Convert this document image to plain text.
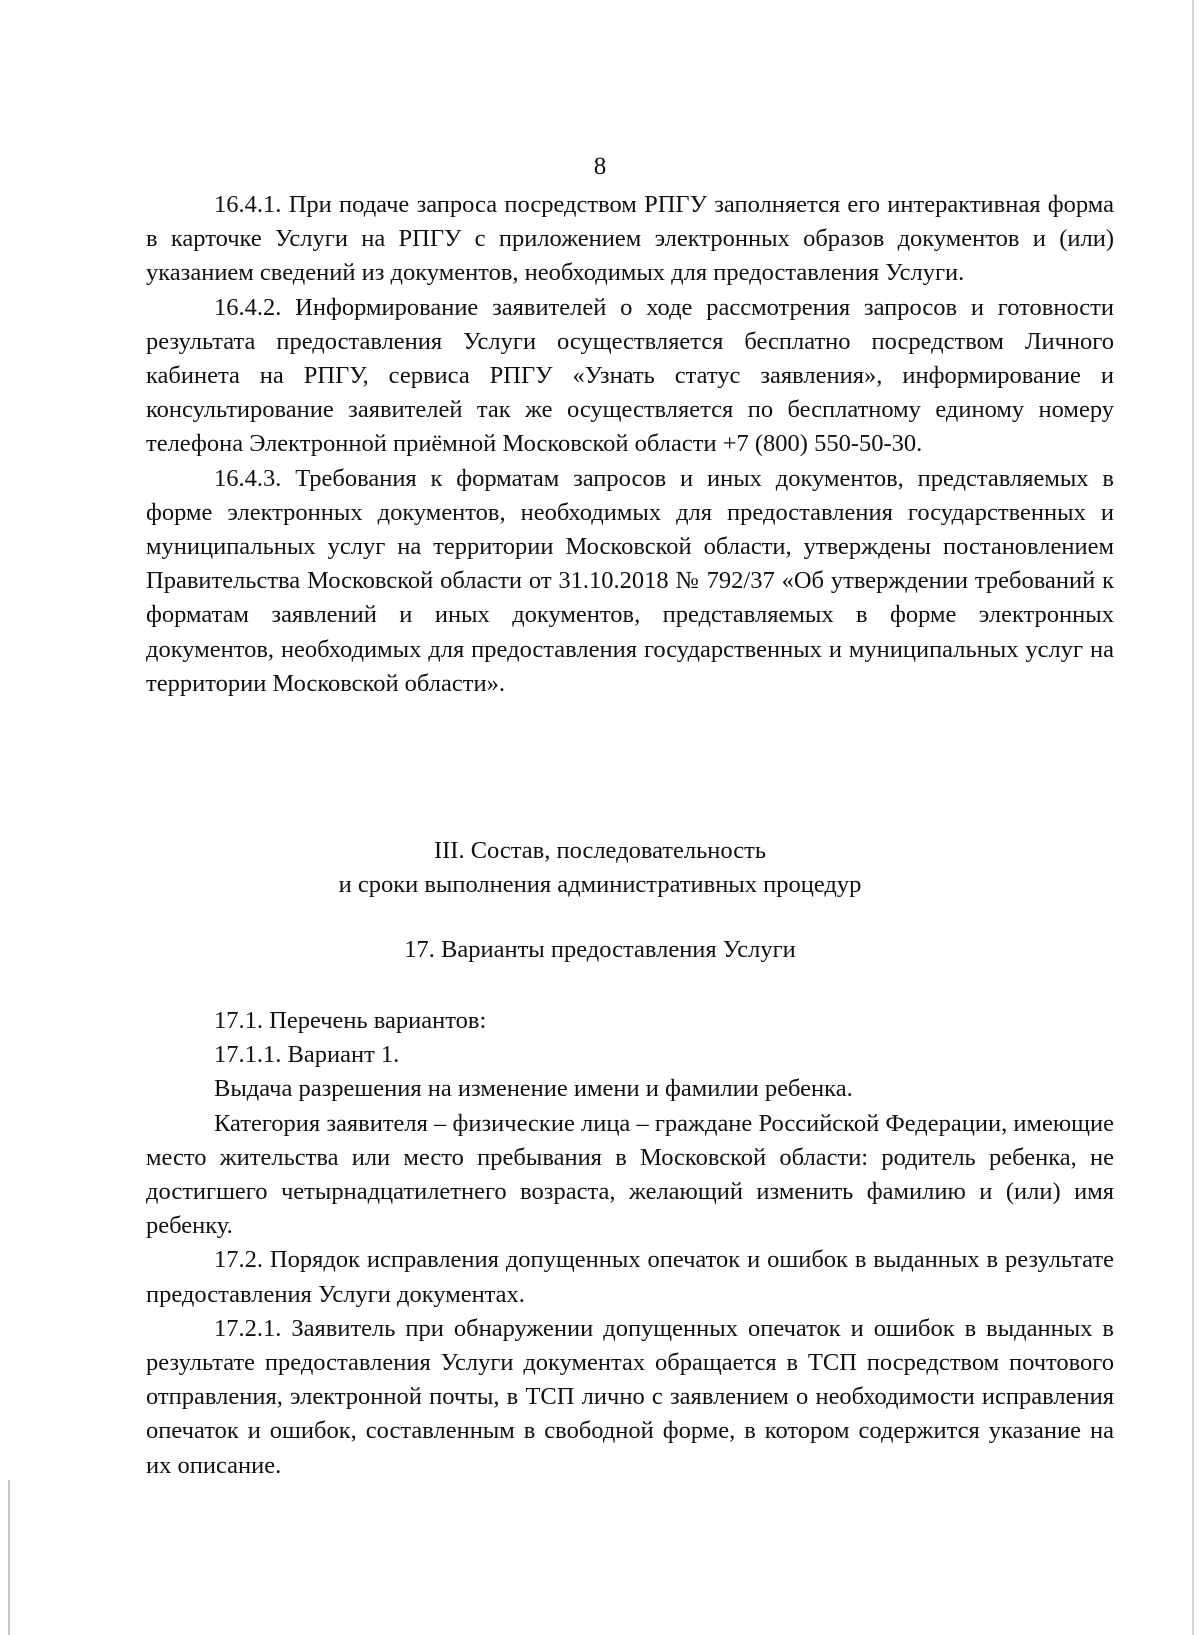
8

16.4.1. При подаче запроса посредством РПГУ заполняется его интерактивная форма в карточке Услуги на РПГУ с приложением электронных образов документов и (или) указанием сведений из документов, необходимых для предоставления Услуги.

16.4.2. Информирование заявителей о ходе рассмотрения запросов и готовности результата предоставления Услуги осуществляется бесплатно посредством Личного кабинета на РПГУ, сервиса РПГУ «Узнать статус заявления», информирование и консультирование заявителей так же осуществляется по бесплатному единому номеру телефона Электронной приёмной Московской области +7 (800) 550-50-30.

16.4.3. Требования к форматам запросов и иных документов, представляемых в форме электронных документов, необходимых для предоставления государственных и муниципальных услуг на территории Московской области, утверждены постановлением Правительства Московской области от 31.10.2018 № 792/37 «Об утверждении требований к форматам заявлений и иных документов, представляемых в форме электронных документов, необходимых для предоставления государственных и муниципальных услуг на территории Московской области».

III. Состав, последовательность

и сроки выполнения административных процедур

17. Варианты предоставления Услуги

17.1. Перечень вариантов:

17.1.1. Вариант 1.

Выдача разрешения на изменение имени и фамилии ребенка.

Категория заявителя – физические лица – граждане Российской Федерации, имеющие место жительства или место пребывания в Московской области: родитель ребенка, не достигшего четырнадцатилетнего возраста, желающий изменить фамилию и (или) имя ребенку.

17.2. Порядок исправления допущенных опечаток и ошибок в выданных в результате предоставления Услуги документах.

17.2.1. Заявитель при обнаружении допущенных опечаток и ошибок в выданных в результате предоставления Услуги документах обращается в ТСП посредством почтового отправления, электронной почты, в ТСП лично с заявлением о необходимости исправления опечаток и ошибок, составленным в свободной форме, в котором содержится указание на их описание.
